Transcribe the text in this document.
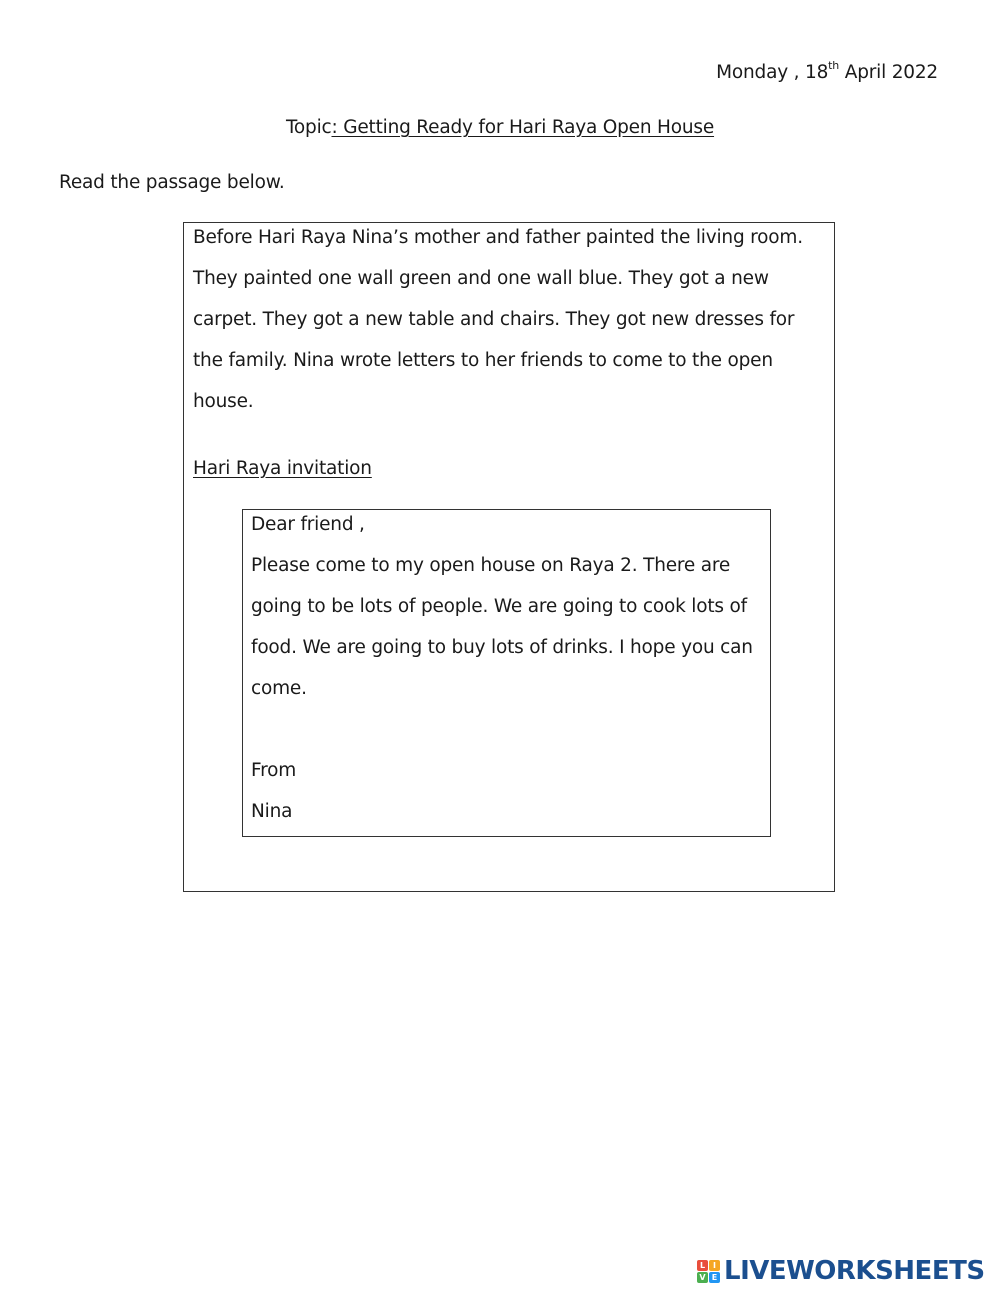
Monday , 18th April 2022
Topic: Getting Ready for Hari Raya Open House
Read the passage below.
Before Hari Raya Nina’s mother and father painted the living room.
They painted one wall green and one wall blue. They got a new
carpet. They got a new table and chairs. They got new dresses for
the family. Nina wrote letters to her friends to come to the open
house.
Hari Raya invitation
Dear friend ,
Please come to my open house on Raya 2. There are
going to be lots of people. We are going to cook lots of
food. We are going to buy lots of drinks. I hope you can
come.
From
Nina
L I
V E LIVEWORKSHEETS
